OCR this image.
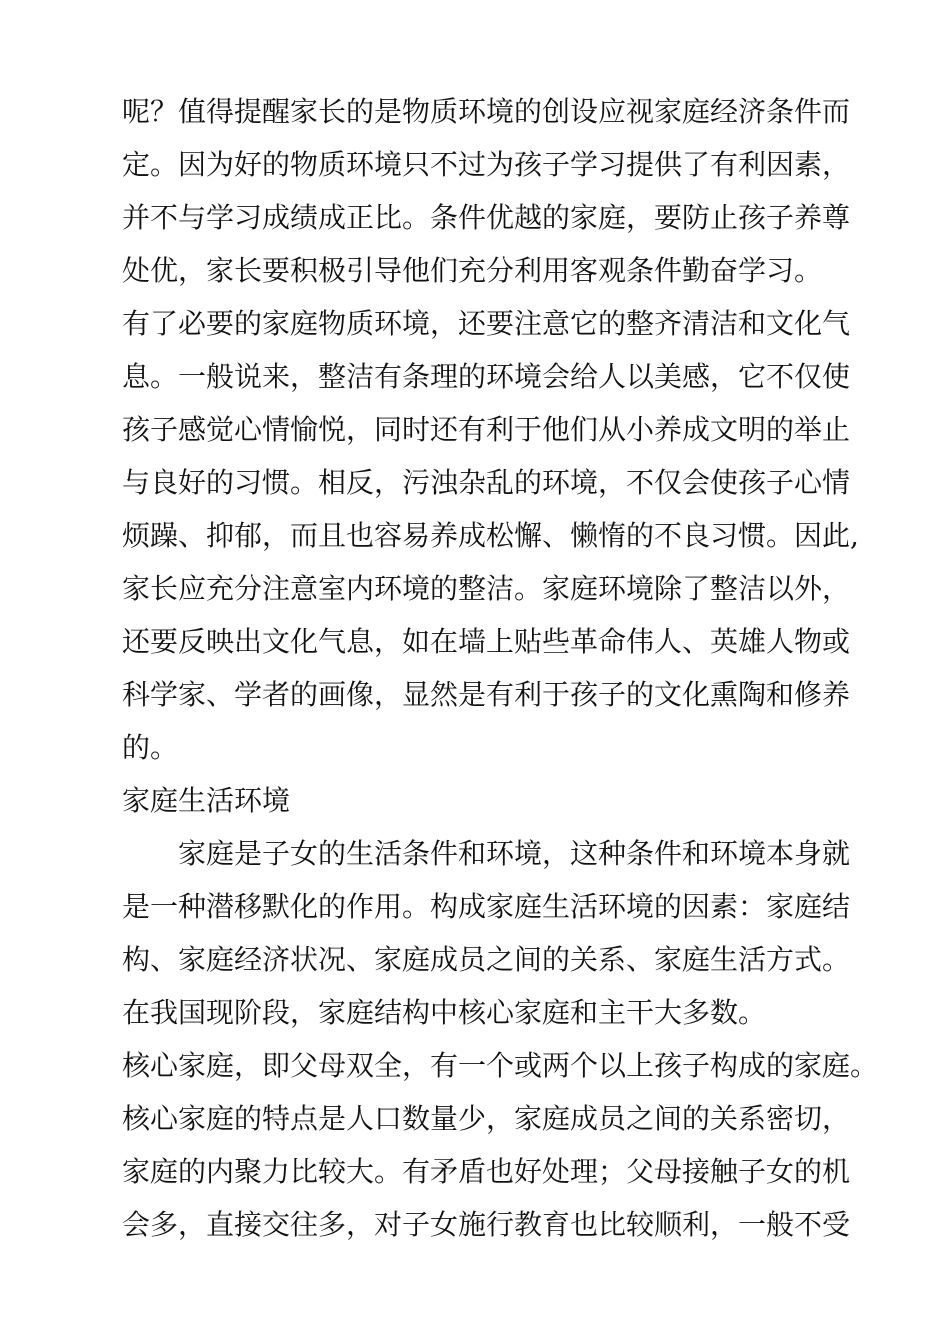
呢？值得提醒家长的是物质环境的创设应视家庭经济条件而
定。因为好的物质环境只不过为孩子学习提供了有利因素，
并不与学习成绩成正比。条件优越的家庭，要防止孩子养尊
处优，家长要积极引导他们充分利用客观条件勤奋学习。
有了必要的家庭物质环境，还要注意它的整齐清洁和文化气
息。一般说来，整洁有条理的环境会给人以美感，它不仅使
孩子感觉心情愉悦，同时还有利于他们从小养成文明的举止
与良好的习惯。相反，污浊杂乱的环境，不仅会使孩子心情
烦躁、抑郁，而且也容易养成松懈、懒惰的不良习惯。因此,
家长应充分注意室内环境的整洁。家庭环境除了整洁以外，
还要反映出文化气息，如在墙上贴些革命伟人、英雄人物或
科学家、学者的画像，显然是有利于孩子的文化熏陶和修养
的。
家庭生活环境
家庭是子女的生活条件和环境，这种条件和环境本身就
是一种潜移默化的作用。构成家庭生活环境的因素：家庭结
构、家庭经济状况、家庭成员之间的关系、家庭生活方式。
在我国现阶段，家庭结构中核心家庭和主干大多数。
核心家庭，即父母双全，有一个或两个以上孩子构成的家庭。
核心家庭的特点是人口数量少，家庭成员之间的关系密切，
家庭的内聚力比较大。有矛盾也好处理；父母接触子女的机
会多，直接交往多，对子女施行教育也比较顺利，一般不受
